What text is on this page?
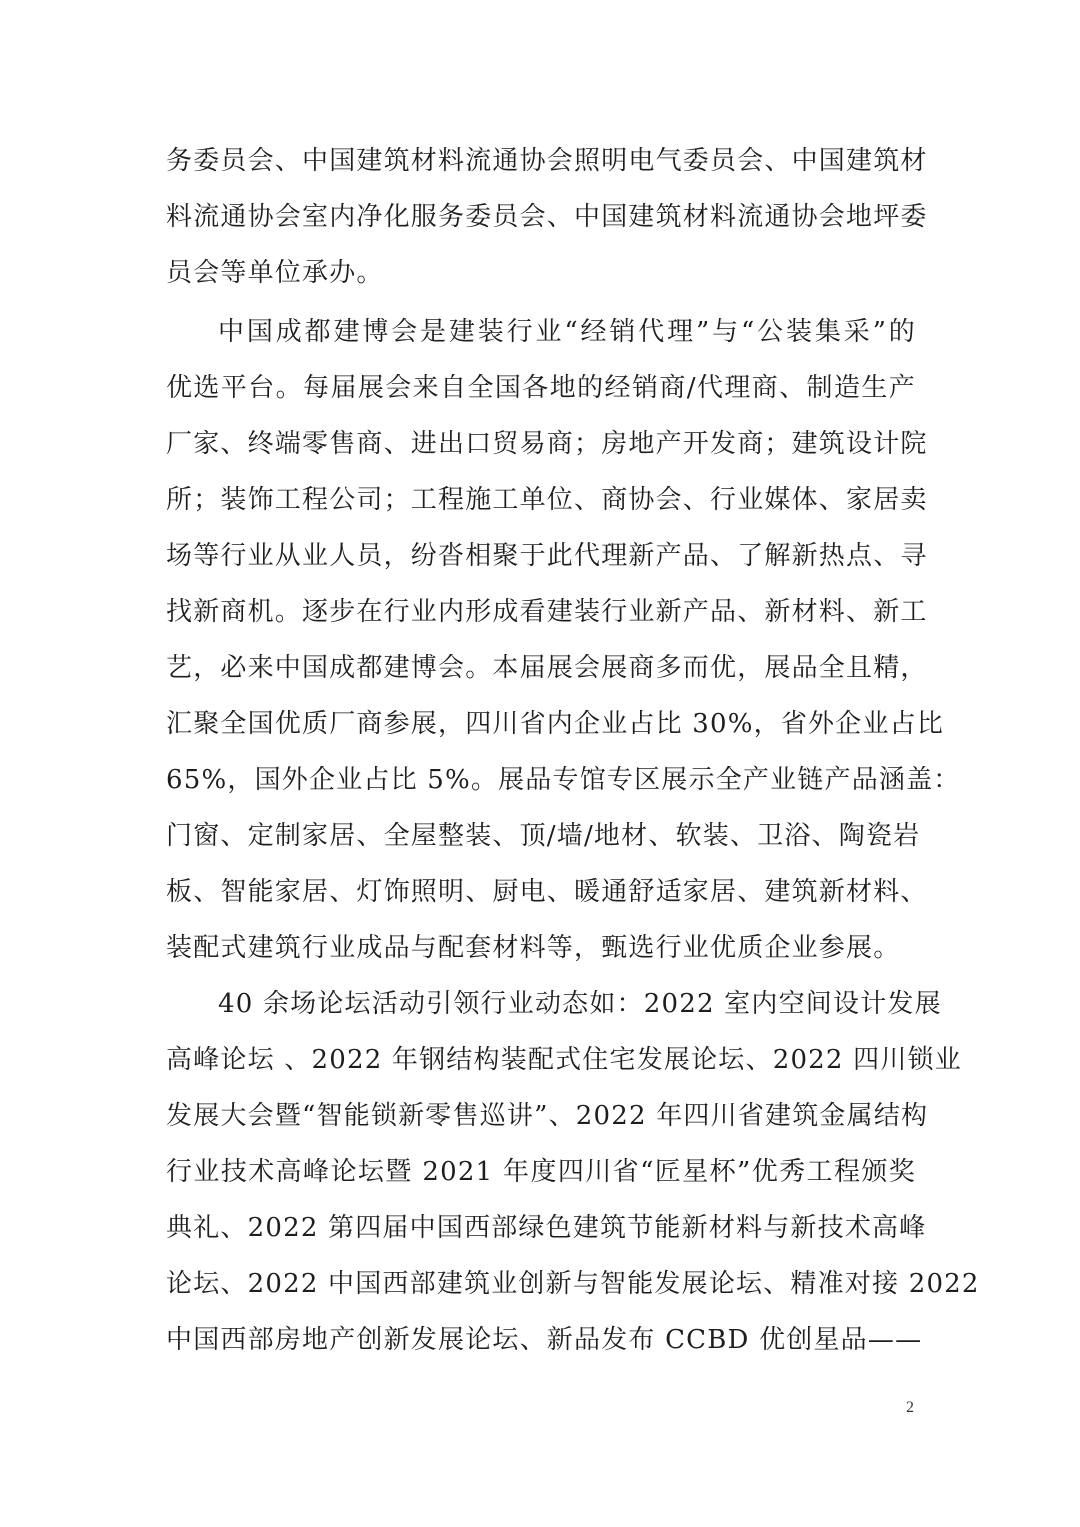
务委员会、中国建筑材料流通协会照明电气委员会、中国建筑材
料流通协会室内净化服务委员会、中国建筑材料流通协会地坪委
员会等单位承办。
中国成都建博会是建装行业“经销代理”与“公装集采”的
优选平台。每届展会来自全国各地的经销商/代理商、制造生产
厂家、终端零售商、进出口贸易商；房地产开发商；建筑设计院
所；装饰工程公司；工程施工单位、商协会、行业媒体、家居卖
场等行业从业人员，纷沓相聚于此代理新产品、了解新热点、寻
找新商机。逐步在行业内形成看建装行业新产品、新材料、新工
艺，必来中国成都建博会。本届展会展商多而优，展品全且精，
汇聚全国优质厂商参展，四川省内企业占比 30%，省外企业占比
65%，国外企业占比 5%。展品专馆专区展示全产业链产品涵盖：
门窗、定制家居、全屋整装、顶/墙/地材、软装、卫浴、陶瓷岩
板、智能家居、灯饰照明、厨电、暖通舒适家居、建筑新材料、
装配式建筑行业成品与配套材料等，甄选行业优质企业参展。
40 余场论坛活动引领行业动态如：2022 室内空间设计发展
高峰论坛 、2022 年钢结构装配式住宅发展论坛、2022 四川锁业
发展大会暨“智能锁新零售巡讲”、2022 年四川省建筑金属结构
行业技术高峰论坛暨 2021 年度四川省“匠星杯”优秀工程颁奖
典礼、2022 第四届中国西部绿色建筑节能新材料与新技术高峰
论坛、2022 中国西部建筑业创新与智能发展论坛、精准对接 2022
中国西部房地产创新发展论坛、新品发布 CCBD 优创星品——
2
